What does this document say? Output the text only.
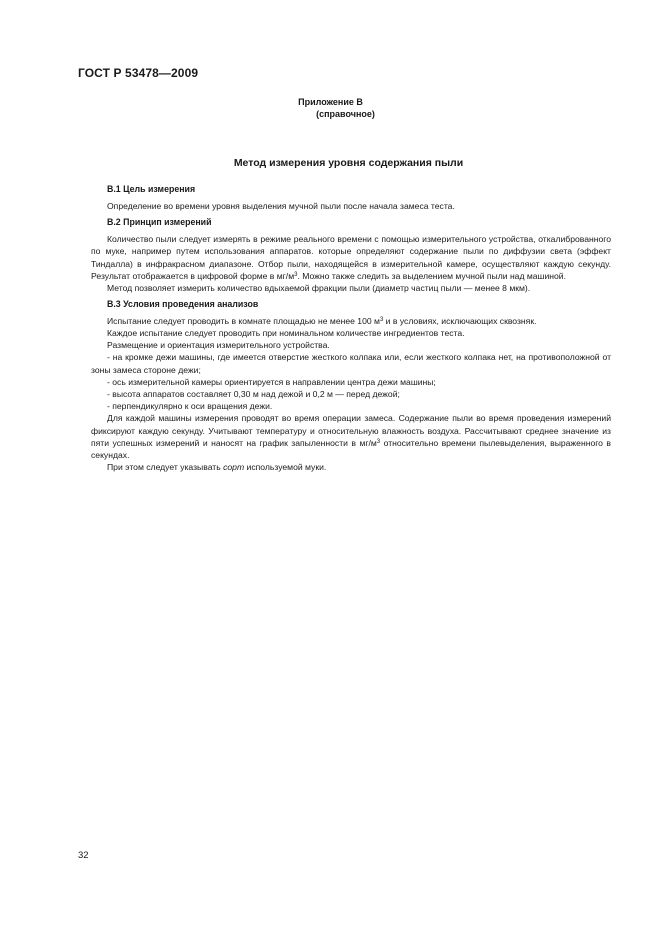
ГОСТ Р 53478—2009
Приложение В
(справочное)
Метод измерения уровня содержания пыли
В.1 Цель измерения
Определение во времени уровня выделения мучной пыли после начала замеса теста.
В.2 Принцип измерений
Количество пыли следует измерять в режиме реального времени с помощью измерительного устройства, откалиброванного по муке, например путем использования аппаратов. которые определяют содержание пыли по диффузии света (эффект Тиндалла) в инфракрасном диапазоне. Отбор пыли, находящейся в измерительной камере, осуществляют каждую секунду. Результат отображается в цифровой форме в $мг/м^3$. Можно также следить за выделением мучной пыли над машиной.
Метод позволяет измерить количество вдыхаемой фракции пыли (диаметр частиц пыли — менее 8 мкм).
В.3 Условия проведения анализов
Испытание следует проводить в комнате площадью не менее 100 $м^3$ и в условиях, исключающих сквозняк.
Каждое испытание следует проводить при номинальном количестве ингредиентов теста.
Размещение и ориентация измерительного устройства.
- на кромке дежи машины, где имеется отверстие жесткого колпака или, если жесткого колпака нет, на противоположной от зоны замеса стороне дежи;
- ось измерительной камеры ориентируется в направлении центра дежи машины;
- высота аппаратов составляет 0,30 м над дежой и 0,2 м — перед дежой;
- перпендикулярно к оси вращения дежи.
Для каждой машины измерения проводят во время операции замеса. Содержание пыли во время проведения измерений фиксируют каждую секунду. Учитывают температуру и относительную влажность воздуха. Рассчитывают среднее значение из пяти успешных измерений и наносят на график запыленности в $мг/м^3$ относительно времени пылевыделения, выраженного в секундах.
При этом следует указывать сорт используемой муки.
32
